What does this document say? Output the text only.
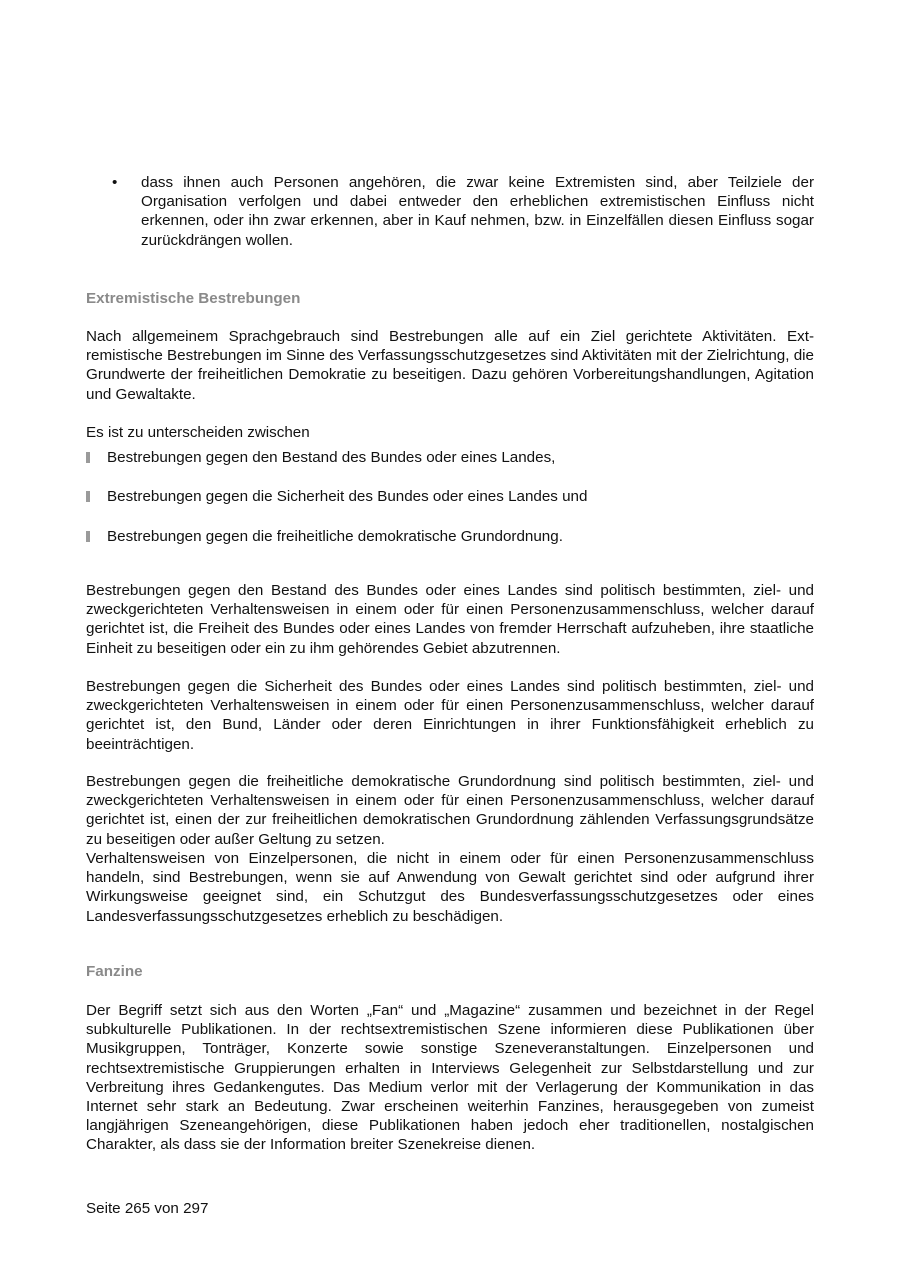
• dass ihnen auch Personen angehören, die zwar keine Extremisten sind, aber Teilziele der Organisation verfolgen und dabei entweder den erheblichen extremistischen Einfluss nicht erkennen, oder ihn zwar erkennen, aber in Kauf nehmen, bzw. in Einzelfällen diesen Einfluss sogar zurückdrängen wollen.

Extremistische Bestrebungen

Nach allgemeinem Sprachgebrauch sind Bestrebungen alle auf ein Ziel gerichtete Aktivitäten. Extremistische Bestrebungen im Sinne des Verfassungsschutzgesetzes sind Aktivitäten mit der Zielrichtung, die Grundwerte der freiheitlichen Demokratie zu beseitigen. Dazu gehören Vorbereitungshandlungen, Agitation und Gewaltakte.

Es ist zu unterscheiden zwischen

Bestrebungen gegen den Bestand des Bundes oder eines Landes,
Bestrebungen gegen die Sicherheit des Bundes oder eines Landes und
Bestrebungen gegen die freiheitliche demokratische Grundordnung.

Bestrebungen gegen den Bestand des Bundes oder eines Landes sind politisch bestimmten, ziel- und zweckgerichteten Verhaltensweisen in einem oder für einen Personenzusammenschluss, welcher darauf gerichtet ist, die Freiheit des Bundes oder eines Landes von fremder Herrschaft aufzuheben, ihre staatliche Einheit zu beseitigen oder ein zu ihm gehörendes Gebiet abzutrennen.

Bestrebungen gegen die Sicherheit des Bundes oder eines Landes sind politisch bestimmten, ziel- und zweckgerichteten Verhaltensweisen in einem oder für einen Personenzusammenschluss, welcher darauf gerichtet ist, den Bund, Länder oder deren Einrichtungen in ihrer Funktionsfähigkeit erheblich zu beeinträchtigen.

Bestrebungen gegen die freiheitliche demokratische Grundordnung sind politisch bestimmten, ziel- und zweckgerichteten Verhaltensweisen in einem oder für einen Personenzusammenschluss, welcher darauf gerichtet ist, einen der zur freiheitlichen demokratischen Grundordnung zählenden Verfassungsgrundsätze zu beseitigen oder außer Geltung zu setzen.

Verhaltensweisen von Einzelpersonen, die nicht in einem oder für einen Personenzusammenschluss handeln, sind Bestrebungen, wenn sie auf Anwendung von Gewalt gerichtet sind oder aufgrund ihrer Wirkungsweise geeignet sind, ein Schutzgut des Bundesverfassungsschutzgesetzes oder eines Landesverfassungsschutzgesetzes erheblich zu beschädigen.

Fanzine

Der Begriff setzt sich aus den Worten „Fan“ und „Magazine“ zusammen und bezeichnet in der Regel subkulturelle Publikationen. In der rechtsextremistischen Szene informieren diese Publikationen über Musikgruppen, Tonträger, Konzerte sowie sonstige Szeneveranstaltungen. Einzelpersonen und rechtsextremistische Gruppierungen erhalten in Interviews Gelegenheit zur Selbstdarstellung und zur Verbreitung ihres Gedankengutes. Das Medium verlor mit der Verlagerung der Kommunikation in das Internet sehr stark an Bedeutung. Zwar erscheinen weiterhin Fanzines, herausgegeben von zumeist langjährigen Szeneangehörigen, diese Publikationen haben jedoch eher traditionellen, nostalgischen Charakter, als dass sie der Information breiter Szenekreise dienen.

Seite 265 von 297
